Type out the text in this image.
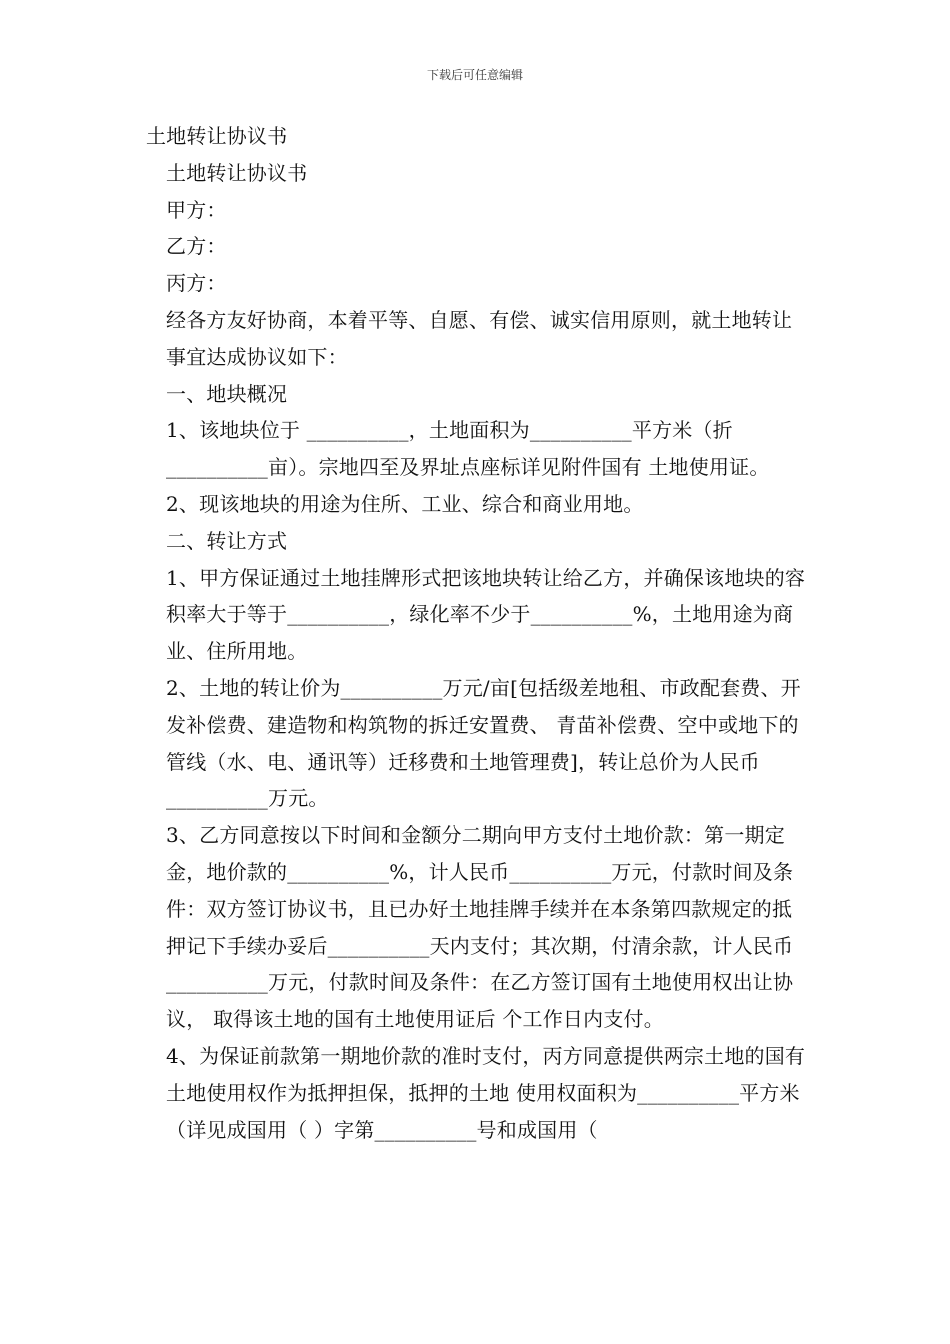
下载后可任意编辑

土地转让协议书

土地转让协议书

甲方：

乙方：

丙方：

经各方友好协商，本着平等、自愿、有偿、诚实信用原则，就土地转让事宜达成协议如下：

一、地块概况

1、该地块位于 __________，土地面积为__________平方米（折__________亩）。宗地四至及界址点座标详见附件国有 土地使用证。

2、现该地块的用途为住所、工业、综合和商业用地。

二、转让方式

1、甲方保证通过土地挂牌形式把该地块转让给乙方，并确保该地块的容积率大于等于__________，绿化率不少于__________%，土地用途为商业、住所用地。

2、土地的转让价为__________万元/亩[包括级差地租、市政配套费、开发补偿费、建造物和构筑物的拆迁安置费、 青苗补偿费、空中或地下的管线（水、电、通讯等）迁移费和土地管理费]，转让总价为人民币__________万元。

3、乙方同意按以下时间和金额分二期向甲方支付土地价款：第一期定金，地价款的__________%，计人民币__________万元，付款时间及条件：双方签订协议书，且已办好土地挂牌手续并在本条第四款规定的抵押记下手续办妥后__________天内支付；其次期，付清余款，计人民币__________万元，付款时间及条件：在乙方签订国有土地使用权出让协议， 取得该土地的国有土地使用证后 个工作日内支付。

4、为保证前款第一期地价款的准时支付，丙方同意提供两宗土地的国有土地使用权作为抵押担保，抵押的土地 使用权面积为__________平方米（详见成国用（ ）字第__________号和成国用（
